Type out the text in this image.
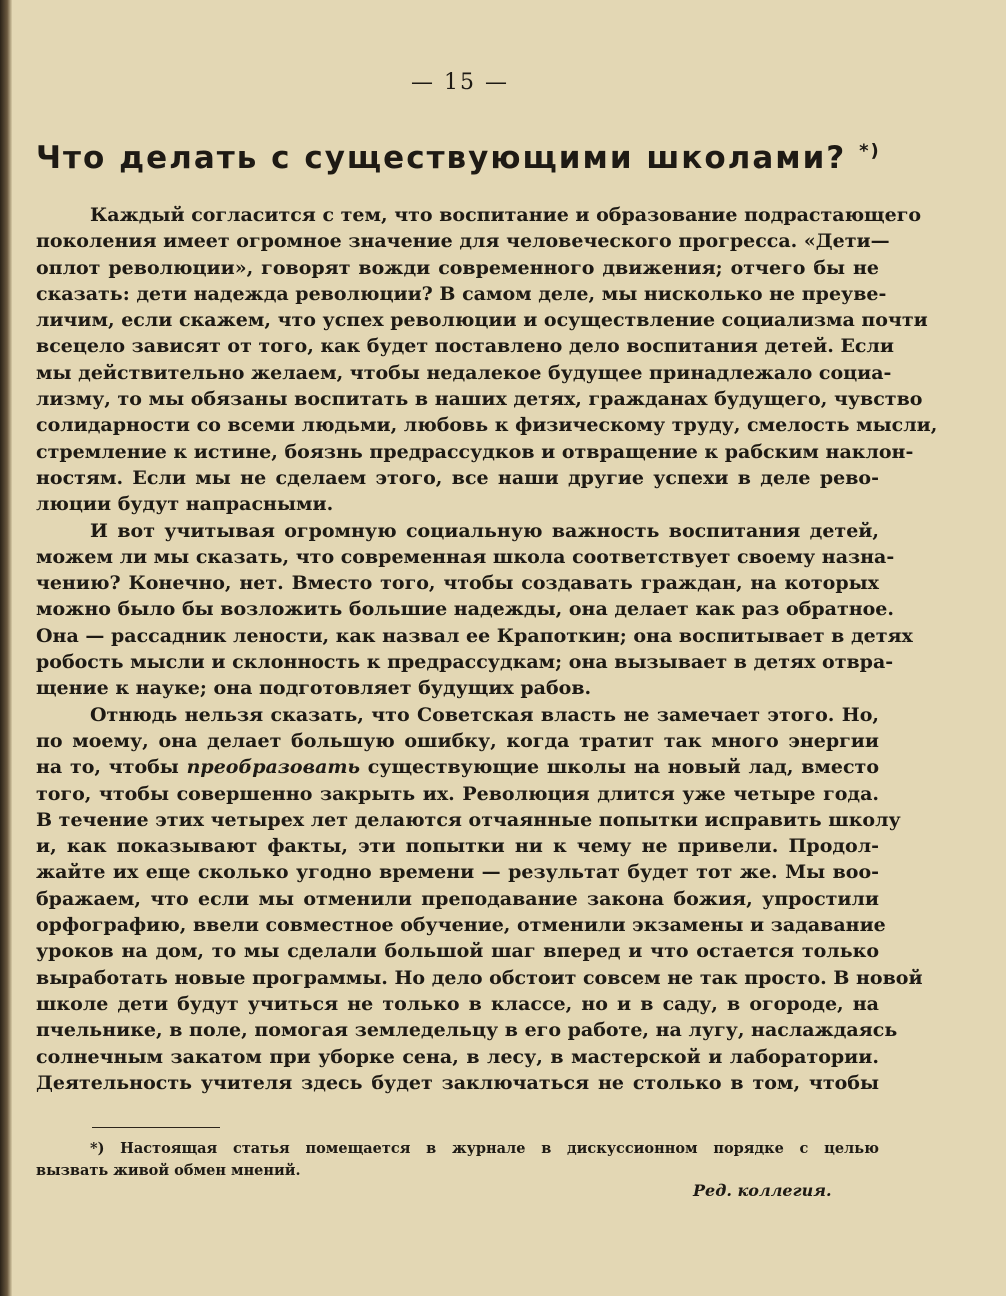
— 15 —
Что делать с существующими школами? *)
Каждый согласится с тем, что воспитание и образование подрастающего
поколения имеет огромное значение для человеческого прогресса. «Дети—
оплот революции», говорят вожди современного движения; отчего бы не
сказать: дети надежда революции? В самом деле, мы нисколько не преуве-
личим, если скажем, что успех революции и осуществление социализма почти
всецело зависят от того, как будет поставлено дело воспитания детей. Если
мы действительно желаем, чтобы недалекое будущее принадлежало социа-
лизму, то мы обязаны воспитать в наших детях, гражданах будущего, чувство
солидарности со всеми людьми, любовь к физическому труду, смелость мысли,
стремление к истине, боязнь предрассудков и отвращение к рабским наклон-
ностям. Если мы не сделаем этого, все наши другие успехи в деле рево-
люции будут напрасными.
И вот учитывая огромную социальную важность воспитания детей,
можем ли мы сказать, что современная школа соответствует своему назна-
чению? Конечно, нет. Вместо того, чтобы создавать граждан, на которых
можно было бы возложить большие надежды, она делает как раз обратное.
Она — рассадник лености, как назвал ее Крапоткин; она воспитывает в детях
робость мысли и склонность к предрассудкам; она вызывает в детях отвра-
щение к науке; она подготовляет будущих рабов.
Отнюдь нельзя сказать, что Советская власть не замечает этого. Но,
по моему, она делает большую ошибку, когда тратит так много энергии
на то, чтобы преобразовать существующие школы на новый лад, вместо
того, чтобы совершенно закрыть их. Революция длится уже четыре года.
В течение этих четырех лет делаются отчаянные попытки исправить школу
и, как показывают факты, эти попытки ни к чему не привели. Продол-
жайте их еще сколько угодно времени — результат будет тот же. Мы воо-
бражаем, что если мы отменили преподавание закона божия, упростили
орфографию, ввели совместное обучение, отменили экзамены и задавание
уроков на дом, то мы сделали большой шаг вперед и что остается только
выработать новые программы. Но дело обстоит совсем не так просто. В новой
школе дети будут учиться не только в классе, но и в саду, в огороде, на
пчельнике, в поле, помогая земледельцу в его работе, на лугу, наслаждаясь
солнечным закатом при уборке сена, в лесу, в мастерской и лаборатории.
Деятельность учителя здесь будет заключаться не столько в том, чтобы
*) Настоящая статья помещается в журнале в дискуссионном порядке с целью
вызвать живой обмен мнений.
Ред. коллегия.
